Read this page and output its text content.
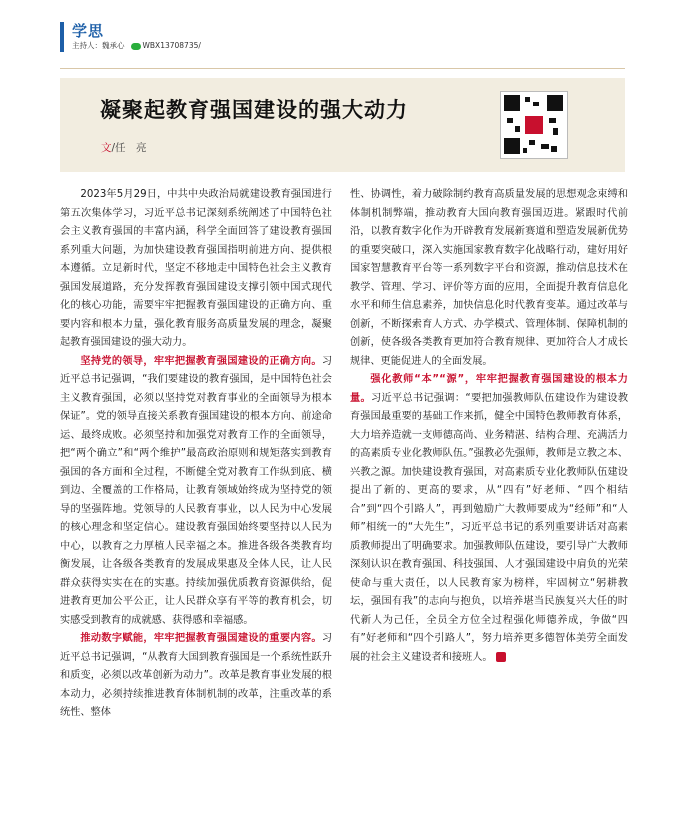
学思
主持人：魏承心 WBX13708735/
凝聚起教育强国建设的强大动力
文/任　亮

2023年5月29日，中共中央政治局就建设教育强国进行第五次集体学习，习近平总书记深刻系统阐述了中国特色社会主义教育强国的丰富内涵，科学全面回答了建设教育强国系列重大问题，为加快建设教育强国指明前进方向、提供根本遵循。立足新时代，坚定不移地走中国特色社会主义教育强国发展道路，充分发挥教育强国建设支撑引领中国式现代化的核心功能，需要牢牢把握教育强国建设的正确方向、重要内容和根本力量，强化教育服务高质量发展的理念，凝聚起教育强国建设的强大动力。

坚持党的领导，牢牢把握教育强国建设的正确方向。习近平总书记强调，“我们要建设的教育强国，是中国特色社会主义教育强国，必须以坚持党对教育事业的全面领导为根本保证”。党的领导直接关系教育强国建设的根本方向、前途命运、最终成败。必须坚持和加强党对教育工作的全面领导，把“两个确立”和“两个维护”最高政治原则和规矩落实到教育强国的各方面和全过程，不断健全党对教育工作纵到底、横到边、全覆盖的工作格局，让教育领域始终成为坚持党的领导的坚强阵地。党领导的人民教育事业，以人民为中心发展的核心理念和坚定信心。建设教育强国始终要坚持以人民为中心，以教育之力厚植人民幸福之本。推进各级各类教育均衡发展，让各级各类教育的发展成果惠及全体人民，让人民群众获得实实在在的实惠。持续加强优质教育资源供给，促进教育更加公平公正，让人民群众享有平等的教育机会，切实感受到教育的成就感、获得感和幸福感。

推动数字赋能，牢牢把握教育强国建设的重要内容。习近平总书记强调，“从教育大国到教育强国是一个系统性跃升和质变，必须以改革创新为动力”。改革是教育事业发展的根本动力，必须持续推进教育体制机制的改革，注重改革的系统性、整体

性、协调性，着力破除制约教育高质量发展的思想观念束缚和体制机制弊端，推动教育大国向教育强国迈进。紧跟时代前沿，以教育数字化作为开辟教育发展新赛道和塑造发展新优势的重要突破口，深入实施国家教育数字化战略行动，建好用好国家智慧教育平台等一系列数字平台和资源，推动信息技术在教学、管理、学习、评价等方面的应用，全面提升教育信息化水平和师生信息素养，加快信息化时代教育变革。通过改革与创新，不断探索育人方式、办学模式、管理体制、保障机制的创新，使各级各类教育更加符合教育规律、更加符合人才成长规律、更能促进人的全面发展。

强化教师“本”“源”，牢牢把握教育强国建设的根本力量。习近平总书记强调：“要把加强教师队伍建设作为建设教育强国最重要的基础工作来抓，健全中国特色教师教育体系，大力培养造就一支师德高尚、业务精湛、结构合理、充满活力的高素质专业化教师队伍。”强教必先强师，教师是立教之本、兴教之源。加快建设教育强国，对高素质专业化教师队伍建设提出了新的、更高的要求，从“四有”好老师、“四个相结合”到“四个引路人”，再到勉励广大教师要成为“经师”和“人师”相统一的“大先生”，习近平总书记的系列重要讲话对高素质教师提出了明确要求。加强教师队伍建设，要引导广大教师深刻认识在教育强国、科技强国、人才强国建设中肩负的光荣使命与重大责任，以人民教育家为榜样，牢固树立“躬耕教坛，强国有我”的志向与抱负，以培养堪当民族复兴大任的时代新人为己任，全员全方位全过程强化师德养成，争做“四有”好老师和“四个引路人”，努力培养更多德智体美劳全面发展的社会主义建设者和接班人。
